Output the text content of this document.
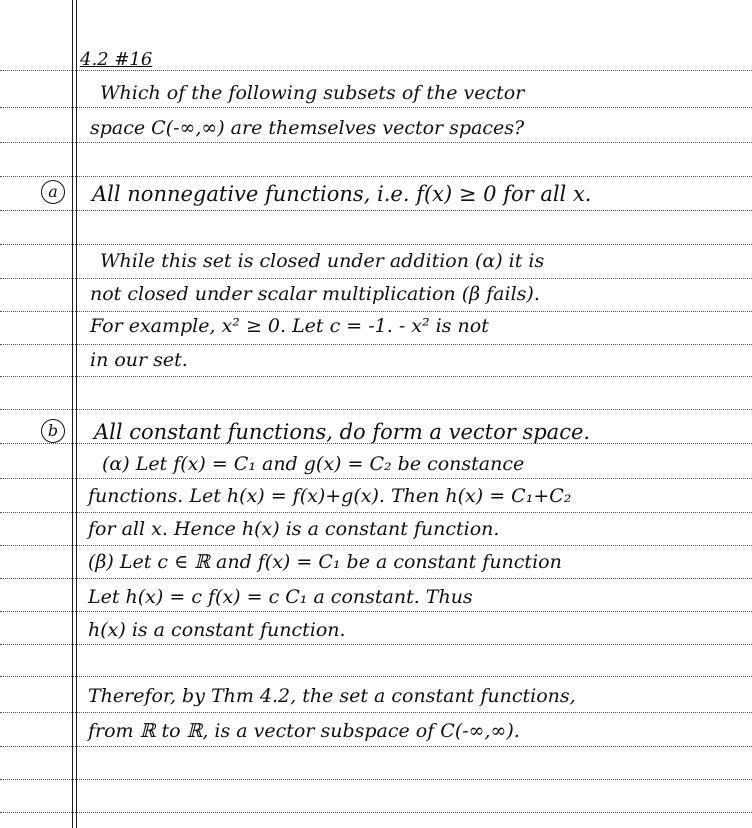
4.2 #16
Which of the following subsets of the vector
space C(-∞,∞) are themselves vector spaces?
a	All nonnegative functions, i.e. f(x) ≥ 0 for all x.
While this set is closed under addition (α) it is
not closed under scalar multiplication (β fails).
For example, x² ≥ 0. Let c = -1. - x² is not
in our set.
b	All constant functions, do form a vector space.
(α) Let f(x) = C₁ and g(x) = C₂ be constance
functions. Let h(x) = f(x)+g(x). Then h(x) = C₁+C₂
for all x. Hence h(x) is a constant function.
(β) Let c ∈ ℝ and f(x) = C₁ be a constant function
Let h(x) = c f(x) = c C₁ a constant. Thus
h(x) is a constant function.
Therefor, by Thm 4.2, the set a constant functions,
from ℝ to ℝ, is a vector subspace of C(-∞,∞).
